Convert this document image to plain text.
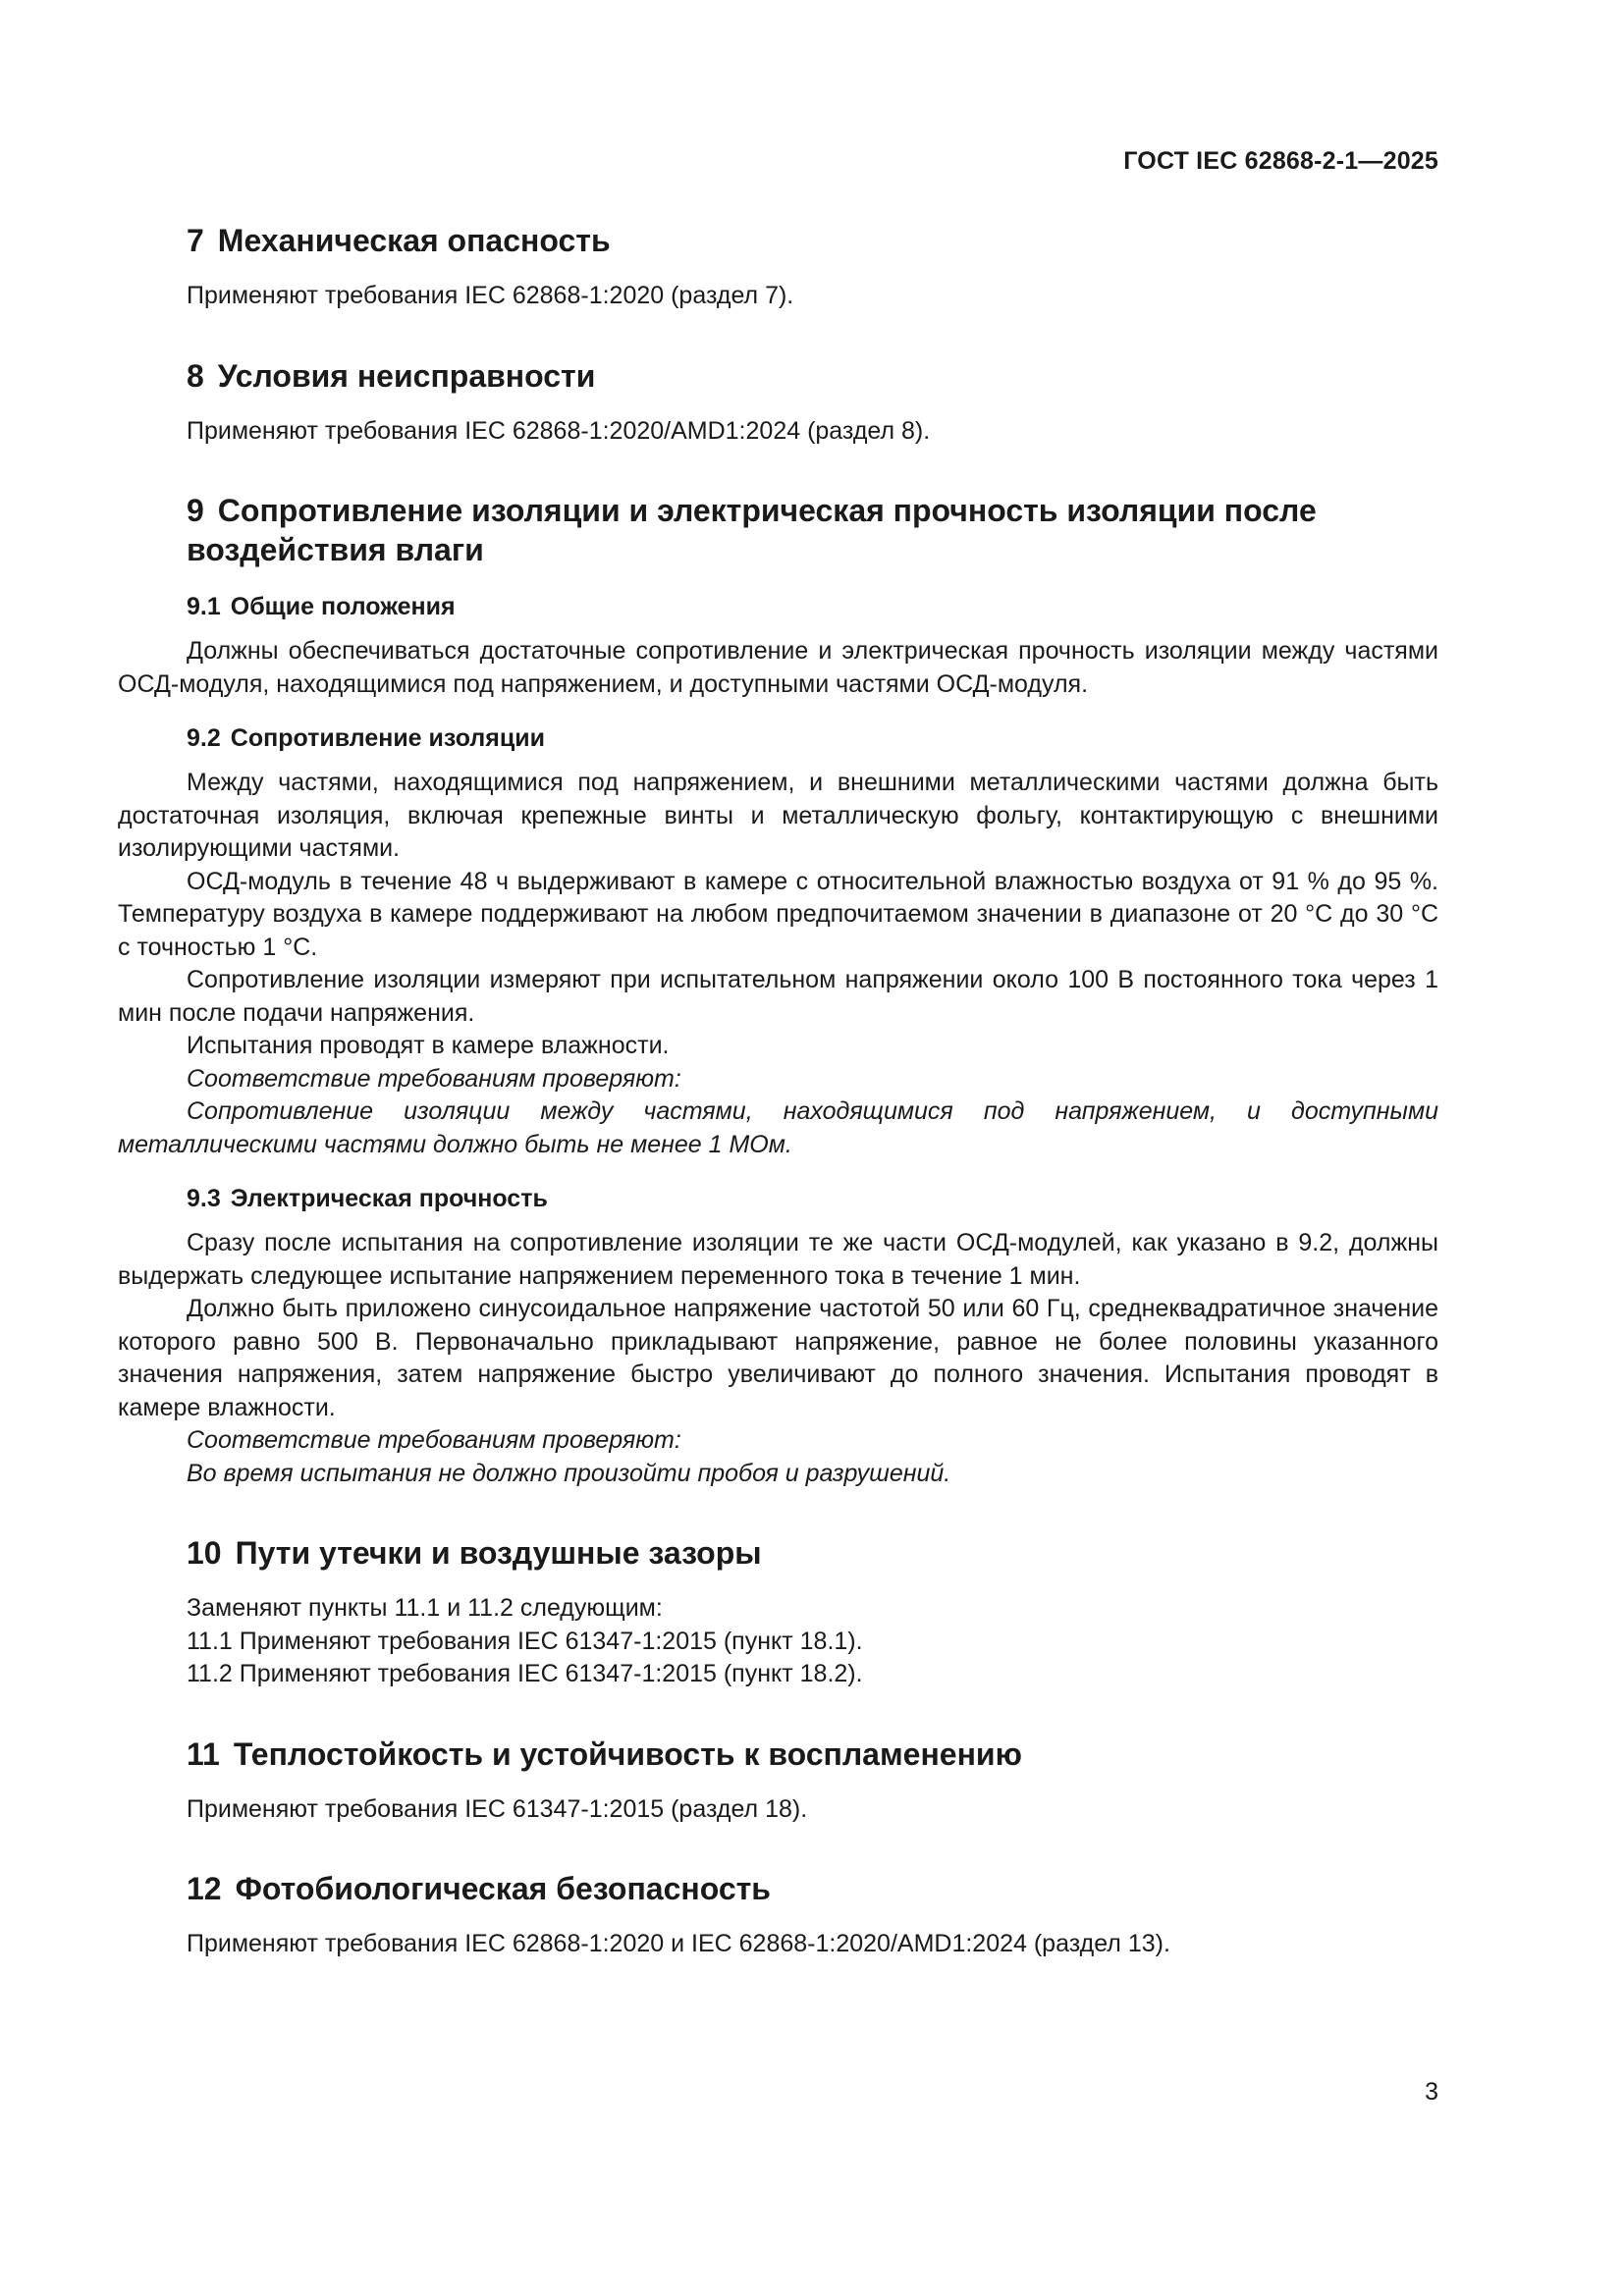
ГОСТ IEC 62868-2-1—2025
7 Механическая опасность

Применяют требования IEC 62868-1:2020 (раздел 7).

8 Условия неисправности

Применяют требования IEC 62868-1:2020/AMD1:2024 (раздел 8).

9 Сопротивление изоляции и электрическая прочность изоляции после воздействия влаги
9.1 Общие положения

Должны обеспечиваться достаточные сопротивление и электрическая прочность изоляции между частями ОСД-модуля, находящимися под напряжением, и доступными частями ОСД-модуля.

9.2 Сопротивление изоляции

Между частями, находящимися под напряжением, и внешними металлическими частями должна быть достаточная изоляция, включая крепежные винты и металлическую фольгу, контактирующую с внешними изолирующими частями.

ОСД-модуль в течение 48 ч выдерживают в камере с относительной влажностью воздуха от 91 % до 95 %. Температуру воздуха в камере поддерживают на любом предпочитаемом значении в диапазоне от 20 °C до 30 °C с точностью 1 °C.

Сопротивление изоляции измеряют при испытательном напряжении около 100 В постоянного тока через 1 мин после подачи напряжения.

Испытания проводят в камере влажности.

Соответствие требованиям проверяют:

Сопротивление изоляции между частями, находящимися под напряжением, и доступными металлическими частями должно быть не менее 1 МОм.

9.3 Электрическая прочность

Сразу после испытания на сопротивление изоляции те же части ОСД-модулей, как указано в 9.2, должны выдержать следующее испытание напряжением переменного тока в течение 1 мин.

Должно быть приложено синусоидальное напряжение частотой 50 или 60 Гц, среднеквадратичное значение которого равно 500 В. Первоначально прикладывают напряжение, равное не более половины указанного значения напряжения, затем напряжение быстро увеличивают до полного значения. Испытания проводят в камере влажности.

Соответствие требованиям проверяют:

Во время испытания не должно произойти пробоя и разрушений.

10 Пути утечки и воздушные зазоры

Заменяют пункты 11.1 и 11.2 следующим:

11.1 Применяют требования IEC 61347-1:2015 (пункт 18.1).

11.2 Применяют требования IEC 61347-1:2015 (пункт 18.2).

11 Теплостойкость и устойчивость к воспламенению

Применяют требования IEC 61347-1:2015 (раздел 18).

12 Фотобиологическая безопасность

Применяют требования IEC 62868-1:2020 и IEC 62868-1:2020/AMD1:2024 (раздел 13).

3
